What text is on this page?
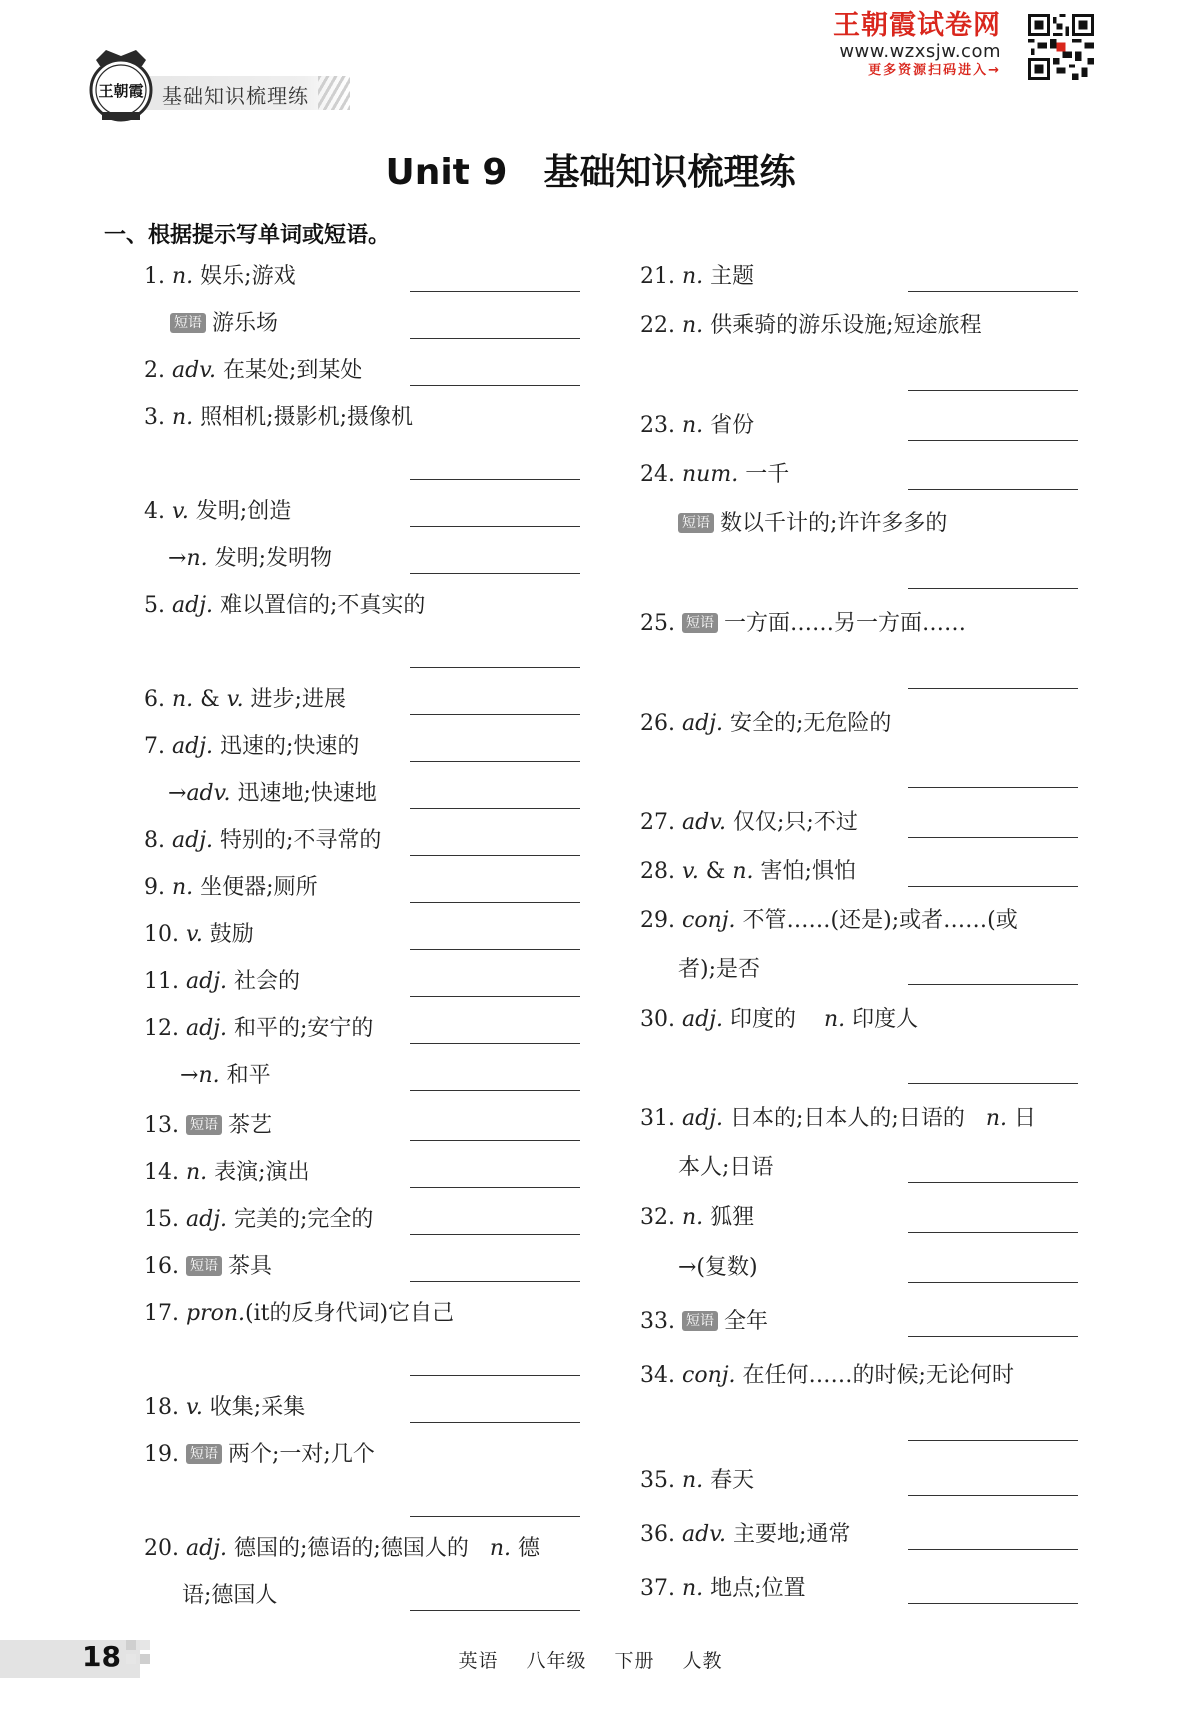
王朝霞 基础知识梳理练
王朝霞试卷网
www.wzxsjw.com
更多资源扫码进入→
Unit 9 基础知识梳理练
一、根据提示写单词或短语。
1. n. 娱乐;游戏
短语 游乐场
2. adv. 在某处;到某处
3. n. 照相机;摄影机;摄像机
4. v. 发明;创造
→n. 发明;发明物
5. adj. 难以置信的;不真实的
6. n. & v. 进步;进展
7. adj. 迅速的;快速的
→adv. 迅速地;快速地
8. adj. 特别的;不寻常的
9. n. 坐便器;厕所
10. v. 鼓励
11. adj. 社会的
12. adj. 和平的;安宁的
→n. 和平
13. 短语 茶艺
14. n. 表演;演出
15. adj. 完美的;完全的
16. 短语 茶具
17. pron.(it的反身代词)它自己
18. v. 收集;采集
19. 短语 两个;一对;几个
20. adj. 德国的;德语的;德国人的 n. 德
语;德国人
21. n. 主题
22. n. 供乘骑的游乐设施;短途旅程
23. n. 省份
24. num. 一千
短语 数以千计的;许许多多的
25. 短语 一方面……另一方面……
26. adj. 安全的;无危险的
27. adv. 仅仅;只;不过
28. v. & n. 害怕;惧怕
29. conj. 不管……(还是);或者……(或
者);是否
30. adj. 印度的 n. 印度人
31. adj. 日本的;日本人的;日语的 n. 日
本人;日语
32. n. 狐狸
→(复数)
33. 短语 全年
34. conj. 在任何……的时候;无论何时
35. n. 春天
36. adv. 主要地;通常
37. n. 地点;位置
18	英语 八年级 下册 人教
